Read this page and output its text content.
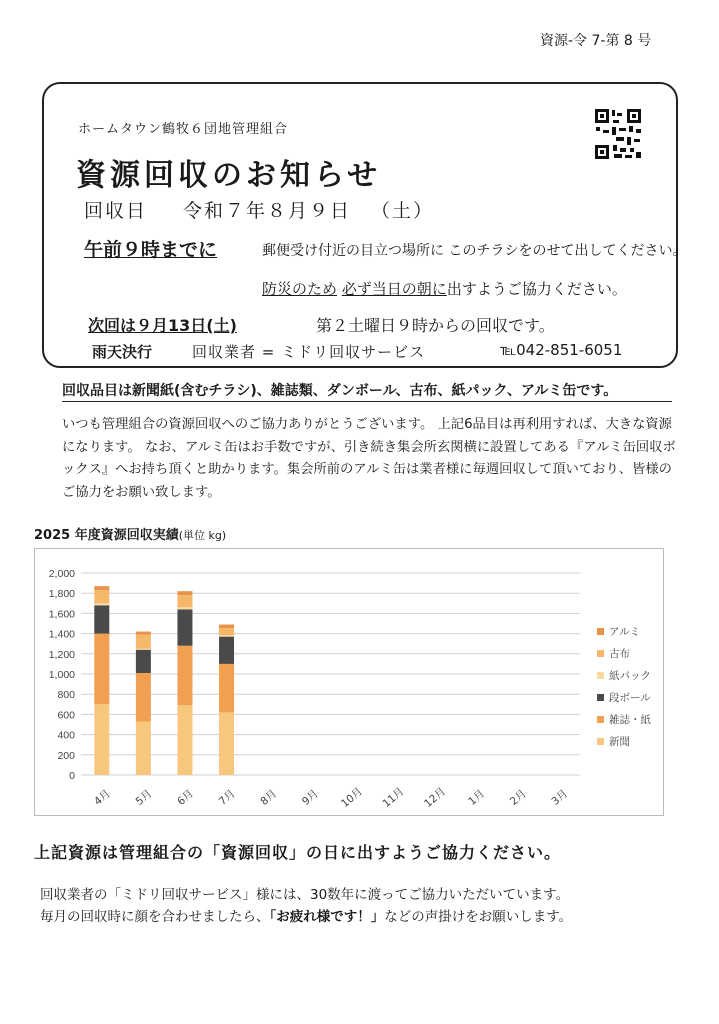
資源-令 7-第 8 号
ホームタウン鶴牧６団地管理組合
資源回収のお知らせ
回収日 令和７年８月９日 （土）
午前９時までに	郵便受け付近の目立つ場所に このチラシをのせて出してください。
防災のため 必ず当日の朝に出すようご協力ください。
次回は９月13日(土)	第２土曜日９時からの回収です。
雨天決行	回収業者 = ミドリ回収サービス	℡042-851-6051
回収品目は新聞紙(含むチラシ)、雑誌類、ダンボール、古布、紙パック、アルミ缶です。
いつも管理組合の資源回収へのご協力ありがとうございます。 上記6品目は再利用すれば、大きな資源になります。 なお、アルミ缶はお手数ですが、引き続き集会所玄関横に設置してある『アルミ缶回収ボックス』へお持ち頂くと助かります。集会所前のアルミ缶は業者様に毎週回収して頂いており、皆様のご協力をお願い致します。
2025 年度資源回収実績(単位 kg)
2,000
1,800
1,600
1,400
1,200
1,000
800
600
400
200
0
4月 5月 6月 7月 8月 9月 10月 11月 12月 1月 2月 3月
アルミ
古布
紙パック
段ボール
雑誌・紙
新聞
上記資源は管理組合の「資源回収」の日に出すようご協力ください。
回収業者の「ミドリ回収サービス」様には、30数年に渡ってご協力いただいています。
毎月の回収時に顔を合わせましたら、「お疲れ様です！」などの声掛けをお願いします。
